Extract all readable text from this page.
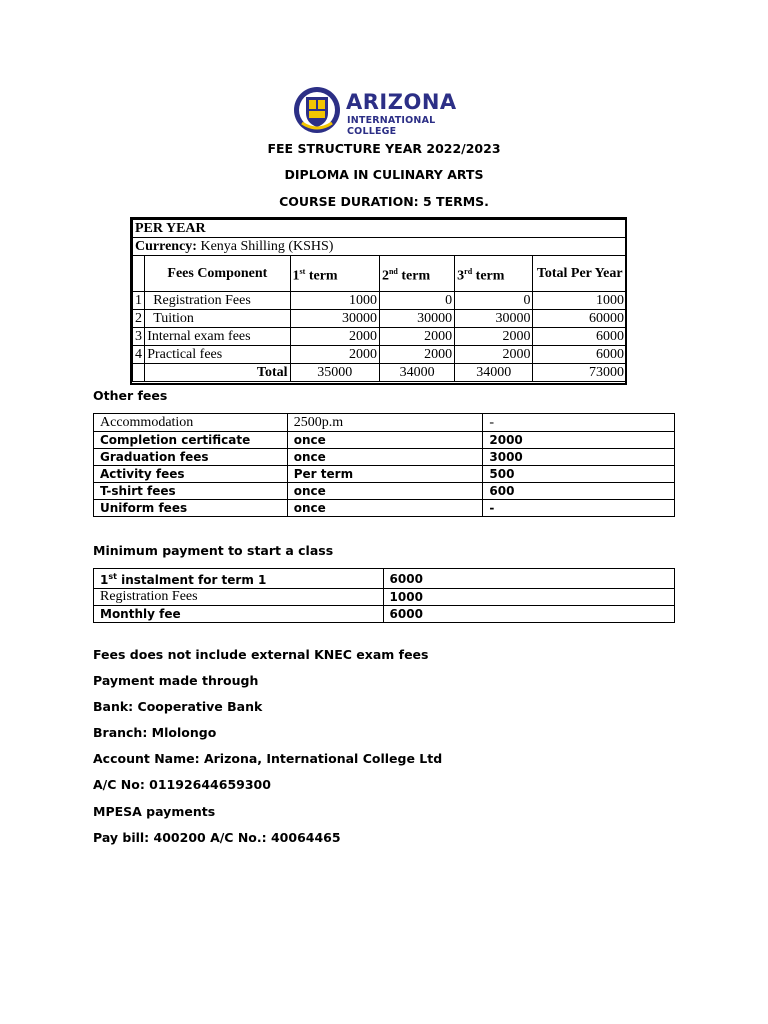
ARIZONA
INTERNATIONAL COLLEGE
FEE STRUCTURE YEAR 2022/2023
DIPLOMA IN CULINARY ARTS
COURSE DURATION: 5 TERMS.
PER YEAR					
Currency: Kenya Shilling (KSHS)					
	Fees Component	1st term	2nd term	3rd term	Total Per Year
1	Registration Fees	1000	0	0	1000
2	Tuition	30000	30000	30000	60000
3	Internal exam fees	2000	2000	2000	6000
4	Practical fees	2000	2000	2000	6000
	Total	35000	34000	34000	73000
Other fees
Accommodation	2500p.m	-
Completion certificate	once	2000
Graduation fees	once	3000
Activity fees	Per term	500
T-shirt fees	once	600
Uniform fees	once	-
Minimum payment to start a class
1st instalment for term 1	6000
Registration Fees	1000
Monthly fee	6000
Fees does not include external KNEC exam fees
Payment made through
Bank: Cooperative Bank
Branch: Mlolongo
Account Name: Arizona, International College Ltd
A/C No: 01192644659300
MPESA payments
Pay bill: 400200 A/C No.: 40064465
